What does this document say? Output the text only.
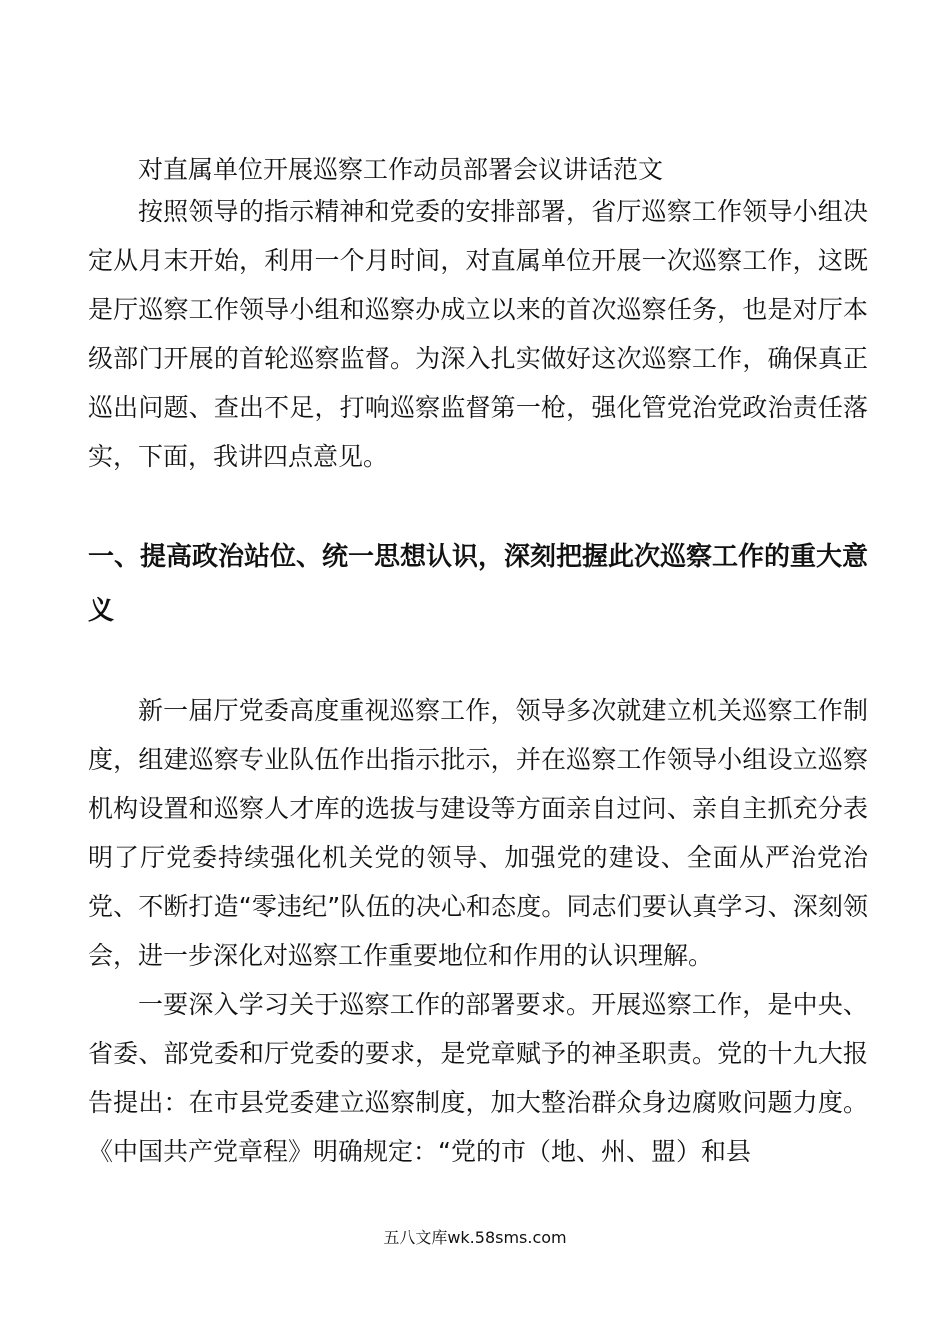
对直属单位开展巡察工作动员部署会议讲话范文

按照领导的指示精神和党委的安排部署，省厅巡察工作领导小组决定从月末开始，利用一个月时间，对直属单位开展一次巡察工作，这既是厅巡察工作领导小组和巡察办成立以来的首次巡察任务，也是对厅本级部门开展的首轮巡察监督。为深入扎实做好这次巡察工作，确保真正巡出问题、查出不足，打响巡察监督第一枪，强化管党治党政治责任落实，下面，我讲四点意见。

一、提高政治站位、统一思想认识，深刻把握此次巡察工作的重大意义

新一届厅党委高度重视巡察工作，领导多次就建立机关巡察工作制度，组建巡察专业队伍作出指示批示，并在巡察工作领导小组设立巡察机构设置和巡察人才库的选拔与建设等方面亲自过问、亲自主抓充分表明了厅党委持续强化机关党的领导、加强党的建设、全面从严治党治党、不断打造“零违纪”队伍的决心和态度。同志们要认真学习、深刻领会，进一步深化对巡察工作重要地位和作用的认识理解。

一要深入学习关于巡察工作的部署要求。开展巡察工作，是中央、省委、部党委和厅党委的要求，是党章赋予的神圣职责。党的十九大报告提出：在市县党委建立巡察制度，加大整治群众身边腐败问题力度。《中国共产党章程》明确规定：“党的市（地、州、盟）和县

五八文库wk.58sms.com
